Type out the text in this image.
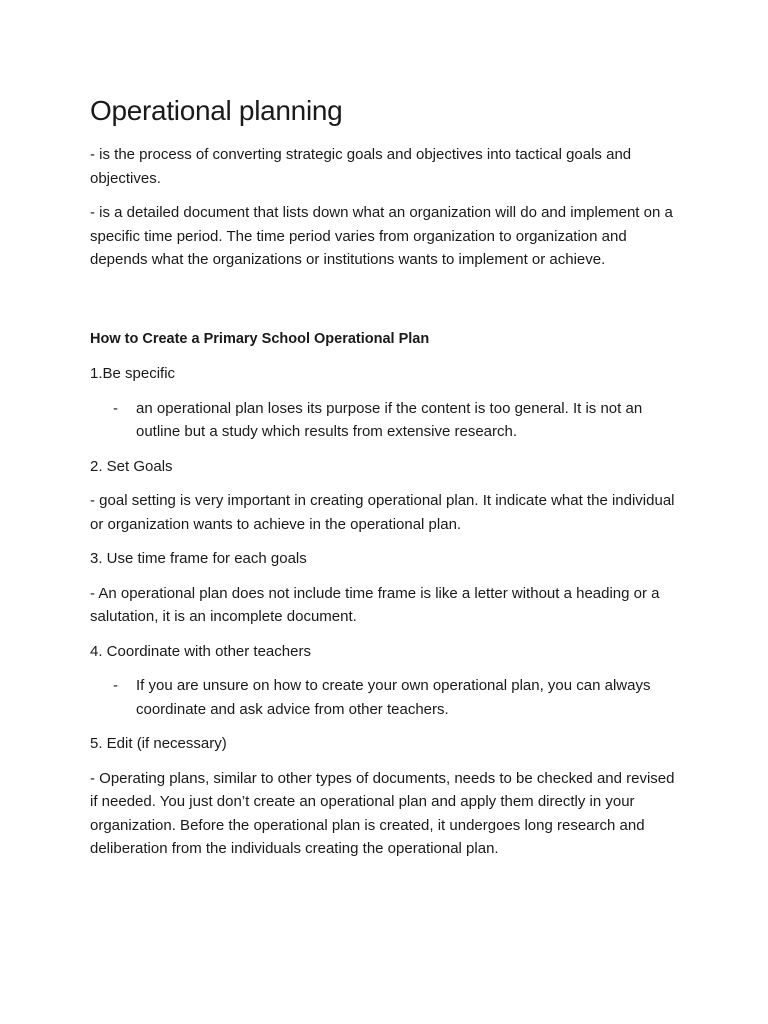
Operational planning

- is the process of converting strategic goals and objectives into tactical goals and objectives.

- is a detailed document that lists down what an organization will do and implement on a specific time period. The time period varies from organization to organization and depends what the organizations or institutions wants to implement or achieve.

How to Create a Primary School Operational Plan

1.Be specific

-	an operational plan loses its purpose if the content is too general. It is not an outline but a study which results from extensive research.

2. Set Goals

- goal setting is very important in creating operational plan. It indicate what the individual or organization wants to achieve in the operational plan.

3. Use time frame for each goals

- An operational plan does not include time frame is like a letter without a heading or a salutation, it is an incomplete document.

4. Coordinate with other teachers

-	If you are unsure on how to create your own operational plan, you can always coordinate and ask advice from other teachers.

5. Edit (if necessary)

- Operating plans, similar to other types of documents, needs to be checked and revised if needed. You just don’t create an operational plan and apply them directly in your organization. Before the operational plan is created, it undergoes long research and deliberation from the individuals creating the operational plan.
